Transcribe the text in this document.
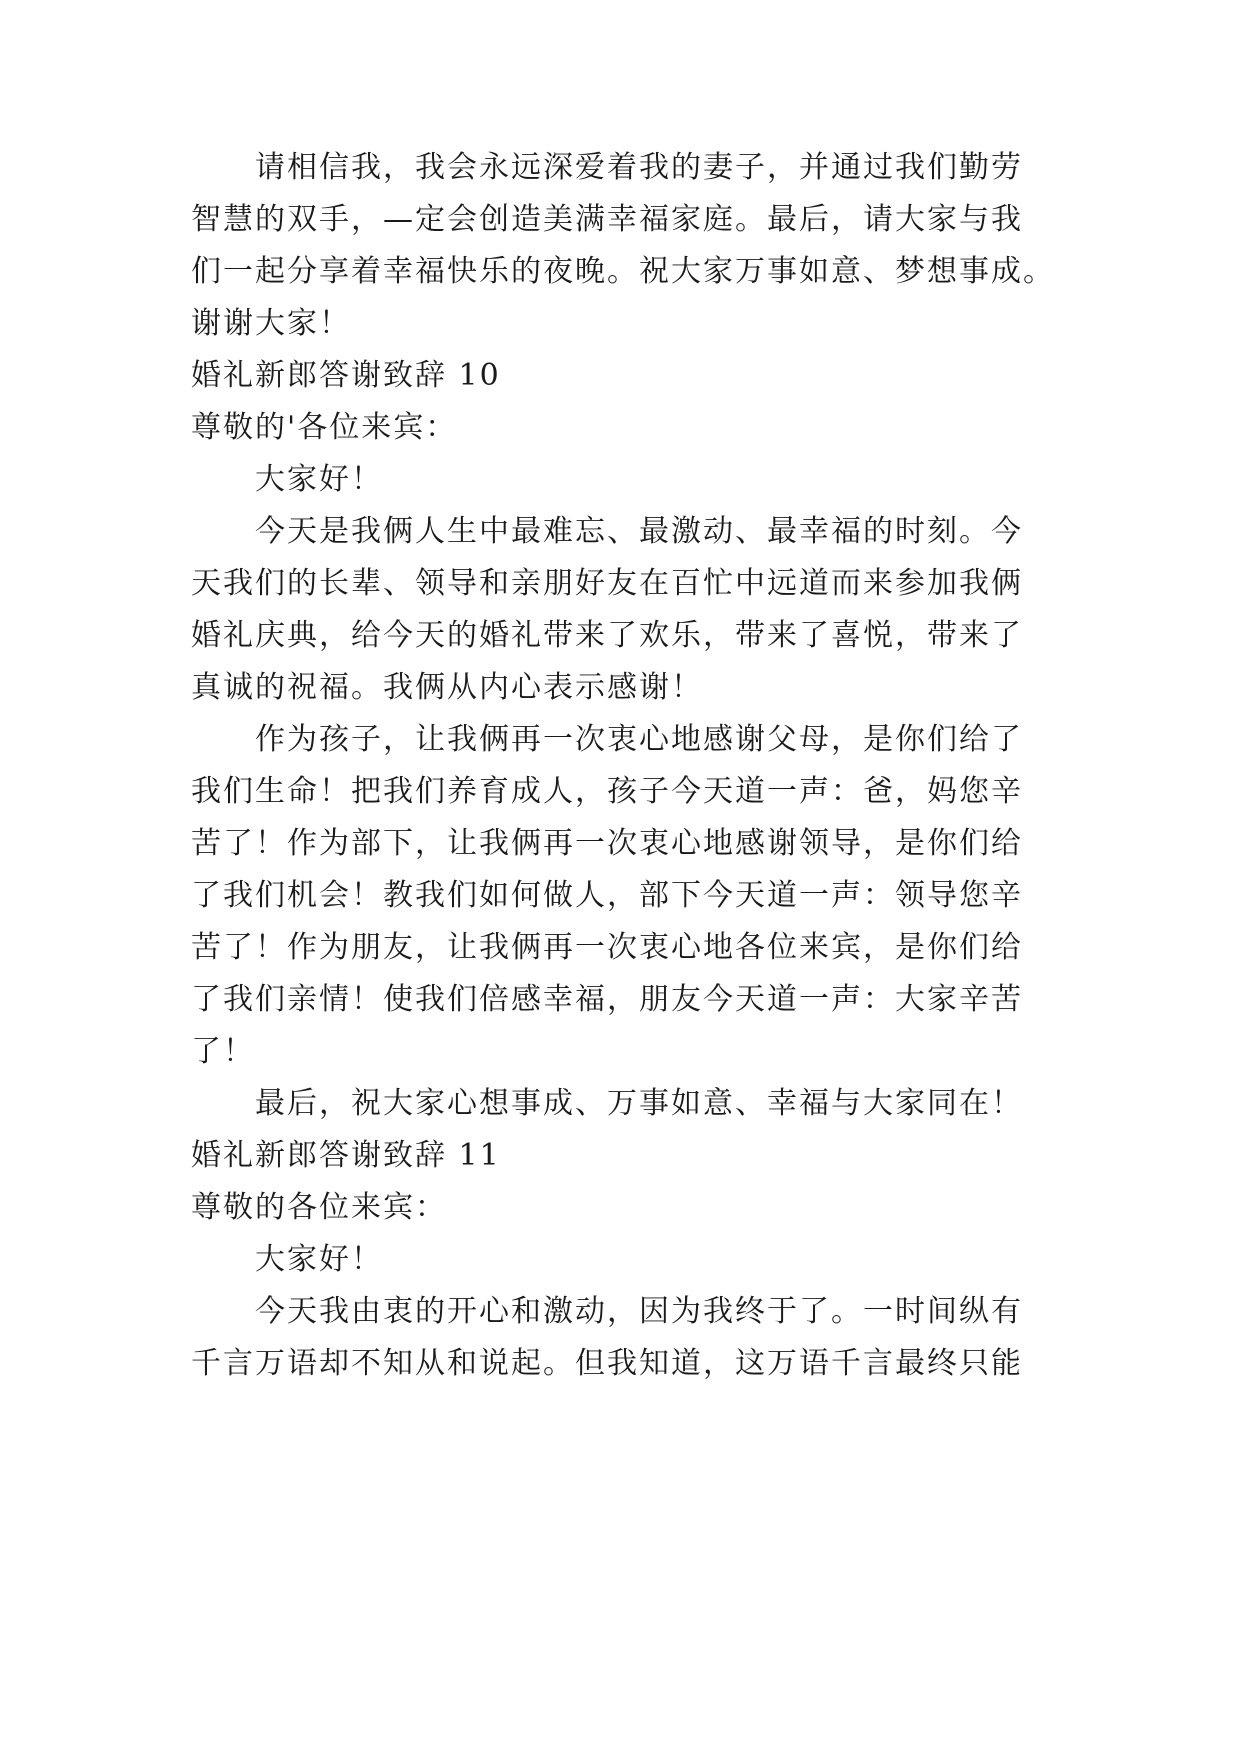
请相信我，我会永远深爱着我的妻子，并通过我们勤劳
智慧的双手，—定会创造美满幸福家庭。最后，请大家与我
们一起分享着幸福快乐的夜晚。祝大家万事如意、梦想事成。
谢谢大家！
婚礼新郎答谢致辞 10
尊敬的'各位来宾：
大家好！
今天是我俩人生中最难忘、最激动、最幸福的时刻。今
天我们的长辈、领导和亲朋好友在百忙中远道而来参加我俩
婚礼庆典，给今天的婚礼带来了欢乐，带来了喜悦，带来了
真诚的祝福。我俩从内心表示感谢！
作为孩子，让我俩再一次衷心地感谢父母，是你们给了
我们生命！把我们养育成人，孩子今天道一声：爸，妈您辛
苦了！作为部下，让我俩再一次衷心地感谢领导，是你们给
了我们机会！教我们如何做人，部下今天道一声：领导您辛
苦了！作为朋友，让我俩再一次衷心地各位来宾，是你们给
了我们亲情！使我们倍感幸福，朋友今天道一声：大家辛苦
了！
最后，祝大家心想事成、万事如意、幸福与大家同在！
婚礼新郎答谢致辞 11
尊敬的各位来宾：
大家好！
今天我由衷的开心和激动，因为我终于了。一时间纵有
千言万语却不知从和说起。但我知道，这万语千言最终只能
